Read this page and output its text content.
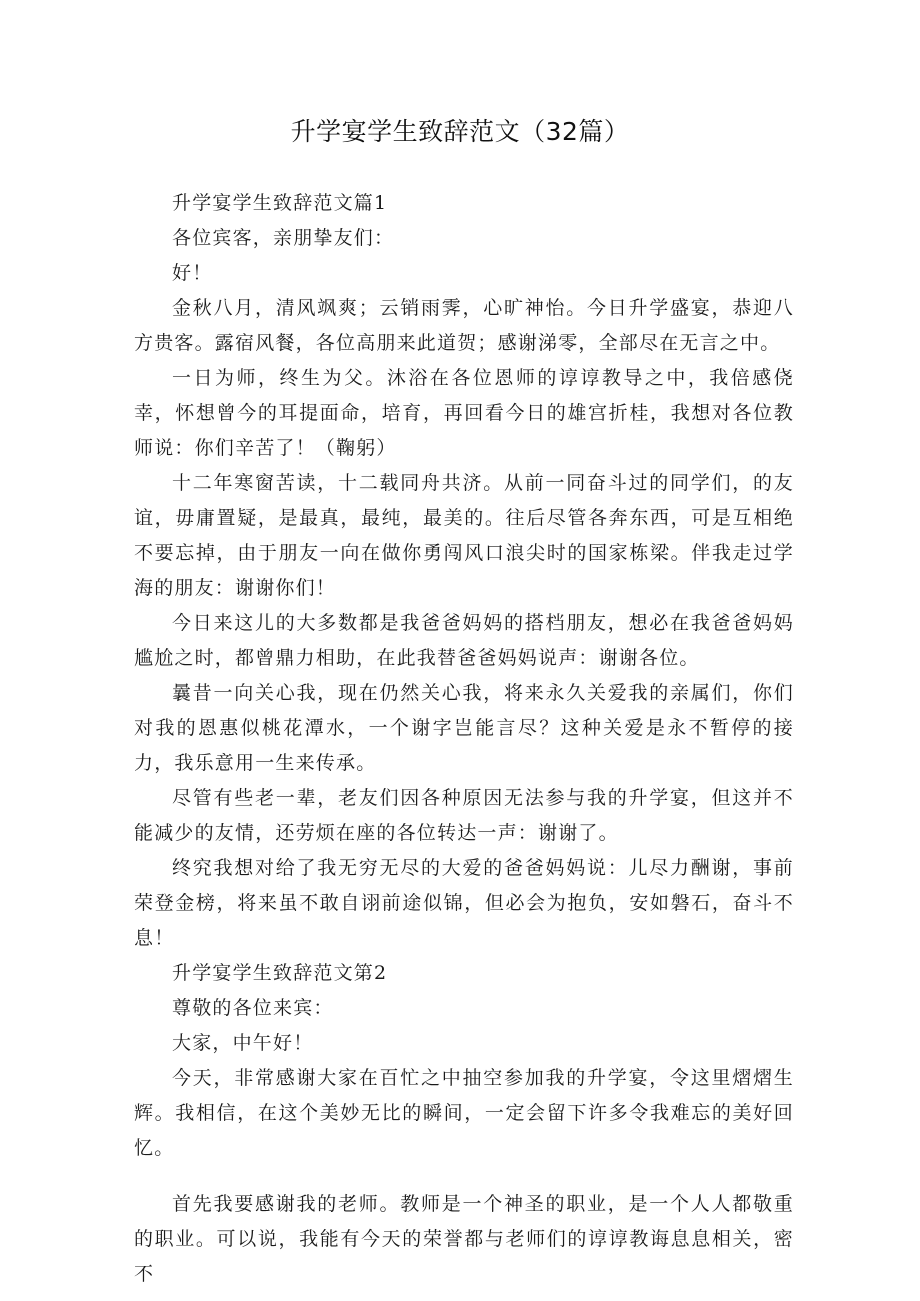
升学宴学生致辞范文（32篇）

升学宴学生致辞范文篇1

各位宾客，亲朋挚友们：

好！

金秋八月，清风飒爽；云销雨霁，心旷神怡。今日升学盛宴，恭迎八方贵客。露宿风餐，各位高朋来此道贺；感谢涕零，全部尽在无言之中。

一日为师，终生为父。沐浴在各位恩师的谆谆教导之中，我倍感侥幸，怀想曾今的耳提面命，培育，再回看今日的雄宫折桂，我想对各位教师说：你们辛苦了！（鞠躬）

十二年寒窗苦读，十二载同舟共济。从前一同奋斗过的同学们，的友谊，毋庸置疑，是最真，最纯，最美的。往后尽管各奔东西，可是互相绝不要忘掉，由于朋友一向在做你勇闯风口浪尖时的国家栋梁。伴我走过学海的朋友：谢谢你们！

今日来这儿的大多数都是我爸爸妈妈的搭档朋友，想必在我爸爸妈妈尴尬之时，都曾鼎力相助，在此我替爸爸妈妈说声：谢谢各位。

曩昔一向关心我，现在仍然关心我，将来永久关爱我的亲属们，你们对我的恩惠似桃花潭水，一个谢字岂能言尽？这种关爱是永不暂停的接力，我乐意用一生来传承。

尽管有些老一辈，老友们因各种原因无法参与我的升学宴，但这并不能减少的友情，还劳烦在座的各位转达一声：谢谢了。

终究我想对给了我无穷无尽的大爱的爸爸妈妈说：儿尽力酬谢，事前荣登金榜，将来虽不敢自诩前途似锦，但必会为抱负，安如磐石，奋斗不息！

升学宴学生致辞范文第2

尊敬的各位来宾：

大家，中午好！

今天，非常感谢大家在百忙之中抽空参加我的升学宴，令这里熠熠生辉。我相信，在这个美妙无比的瞬间，一定会留下许多令我难忘的美好回忆。

首先我要感谢我的老师。教师是一个神圣的职业，是一个人人都敬重的职业。可以说，我能有今天的荣誉都与老师们的谆谆教诲息息相关，密不
